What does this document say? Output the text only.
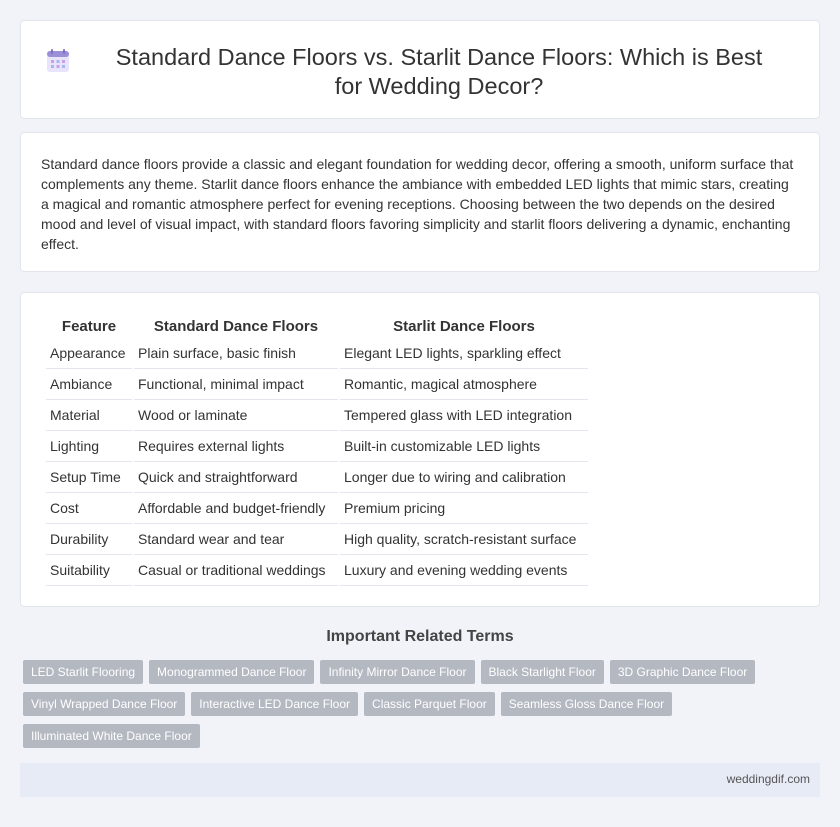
Standard Dance Floors vs. Starlit Dance Floors: Which is Best for Wedding Decor?

Standard dance floors provide a classic and elegant foundation for wedding decor, offering a smooth, uniform surface that complements any theme. Starlit dance floors enhance the ambiance with embedded LED lights that mimic stars, creating a magical and romantic atmosphere perfect for evening receptions. Choosing between the two depends on the desired mood and level of visual impact, with standard floors favoring simplicity and starlit floors delivering a dynamic, enchanting effect.

Feature	Standard Dance Floors	Starlit Dance Floors
Appearance	Plain surface, basic finish	Elegant LED lights, sparkling effect
Ambiance	Functional, minimal impact	Romantic, magical atmosphere
Material	Wood or laminate	Tempered glass with LED integration
Lighting	Requires external lights	Built-in customizable LED lights
Setup Time	Quick and straightforward	Longer due to wiring and calibration
Cost	Affordable and budget-friendly	Premium pricing
Durability	Standard wear and tear	High quality, scratch-resistant surface
Suitability	Casual or traditional weddings	Luxury and evening wedding events
Important Related Terms
LED Starlit Flooring	Monogrammed Dance Floor	Infinity Mirror Dance Floor	Black Starlight Floor	3D Graphic Dance Floor
Vinyl Wrapped Dance Floor	Interactive LED Dance Floor	Classic Parquet Floor	Seamless Gloss Dance Floor
Illuminated White Dance Floor
weddingdif.com
